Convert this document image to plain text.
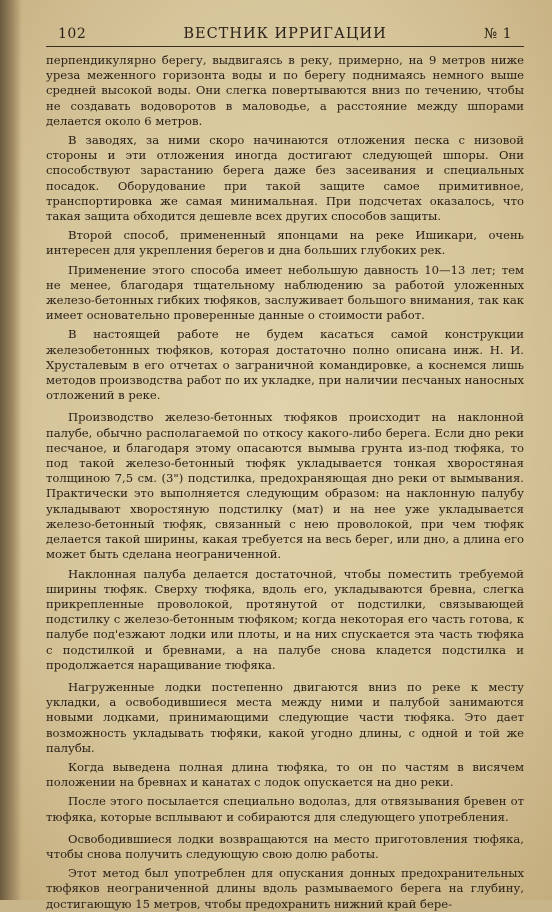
102	ВЕСТНИК ИРРИГАЦИИ	№ 1

перпендикулярно берегу, выдвигаясь в реку, примерно, на 9 метров ниже уреза меженного горизонта воды и по берегу поднимаясь немного выше средней высокой воды. Они слегка повертываются вниз по течению, чтобы не создавать водоворотов в маловодье, а расстояние между шпорами делается около 6 метров.

В заводях, за ними скоро начинаются отложения песка с низовой стороны и эти отложения иногда достигают следующей шпоры. Они способствуют зарастанию берега даже без засеивания и специальных посадок. Оборудование при такой защите самое примитивное, транспортировка же самая минимальная. При подсчетах оказалось, что такая защита обходится дешевле всех других способов защиты.

Второй способ, примененный японцами на реке Ишикари, очень интересен для укрепления берегов и дна больших глубоких рек.

Применение этого способа имеет небольшую давность 10—13 лет; тем не менее, благодаря тщательному наблюдению за работой уложенных железо-бетонных гибких тюфяков, заслуживает большого внимания, так как имеет основательно проверенные данные о стоимости работ.

В настоящей работе не будем касаться самой конструкции железобетонных тюфяков, которая достаточно полно описана инж. Н. И. Хрусталевым в его отчетах о заграничной командировке, а коснемся лишь методов производства работ по их укладке, при наличии песчаных наносных отложений в реке.

Производство железо-бетонных тюфяков происходит на наклонной палубе, обычно располагаемой по откосу какого-либо берега. Если дно реки песчаное, и благодаря этому опасаются вымыва грунта из-под тюфяка, то под такой железо-бетонный тюфяк укладывается тонкая хворостяная толщиною 7,5 см. (3") подстилка, предохраняющая дно реки от вымывания. Практически это выполняется следующим образом: на наклонную палубу укладывают хворостяную подстилку (мат) и на нее уже укладывается железо-бетонный тюфяк, связанный с нею проволокой, при чем тюфяк делается такой ширины, какая требуется на весь берег, или дно, а длина его может быть сделана неограниченной.

Наклонная палуба делается достаточной, чтобы поместить требуемой ширины тюфяк. Сверху тюфяка, вдоль его, укладываются бревна, слегка прикрепленные проволокой, протянутой от подстилки, связывающей подстилку с железо-бетонным тюфяком; когда некоторая его часть готова, к палубе под'езжают лодки или плоты, и на них спускается эта часть тюфяка с подстилкой и бревнами, а на палубе снова кладется подстилка и продолжается наращивание тюфяка.

Нагруженные лодки постепенно двигаются вниз по реке к месту укладки, а освободившиеся места между ними и палубой занимаются новыми лодками, принимающими следующие части тюфяка. Это дает возможность укладывать тюфяки, какой угодно длины, с одной и той же палубы.

Когда выведена полная длина тюфяка, то он по частям в висячем положении на бревнах и канатах с лодок опускается на дно реки.

После этого посылается специально водолаз, для отвязывания бревен от тюфяка, которые всплывают и собираются для следующего употребления.

Освободившиеся лодки возвращаются на место приготовления тюфяка, чтобы снова получить следующую свою долю работы.

Этот метод был употреблен для опускания донных предохранительных тюфяков неограниченной длины вдоль размываемого берега на глубину, достигающую 15 метров, чтобы предохранить нижний край бере-
